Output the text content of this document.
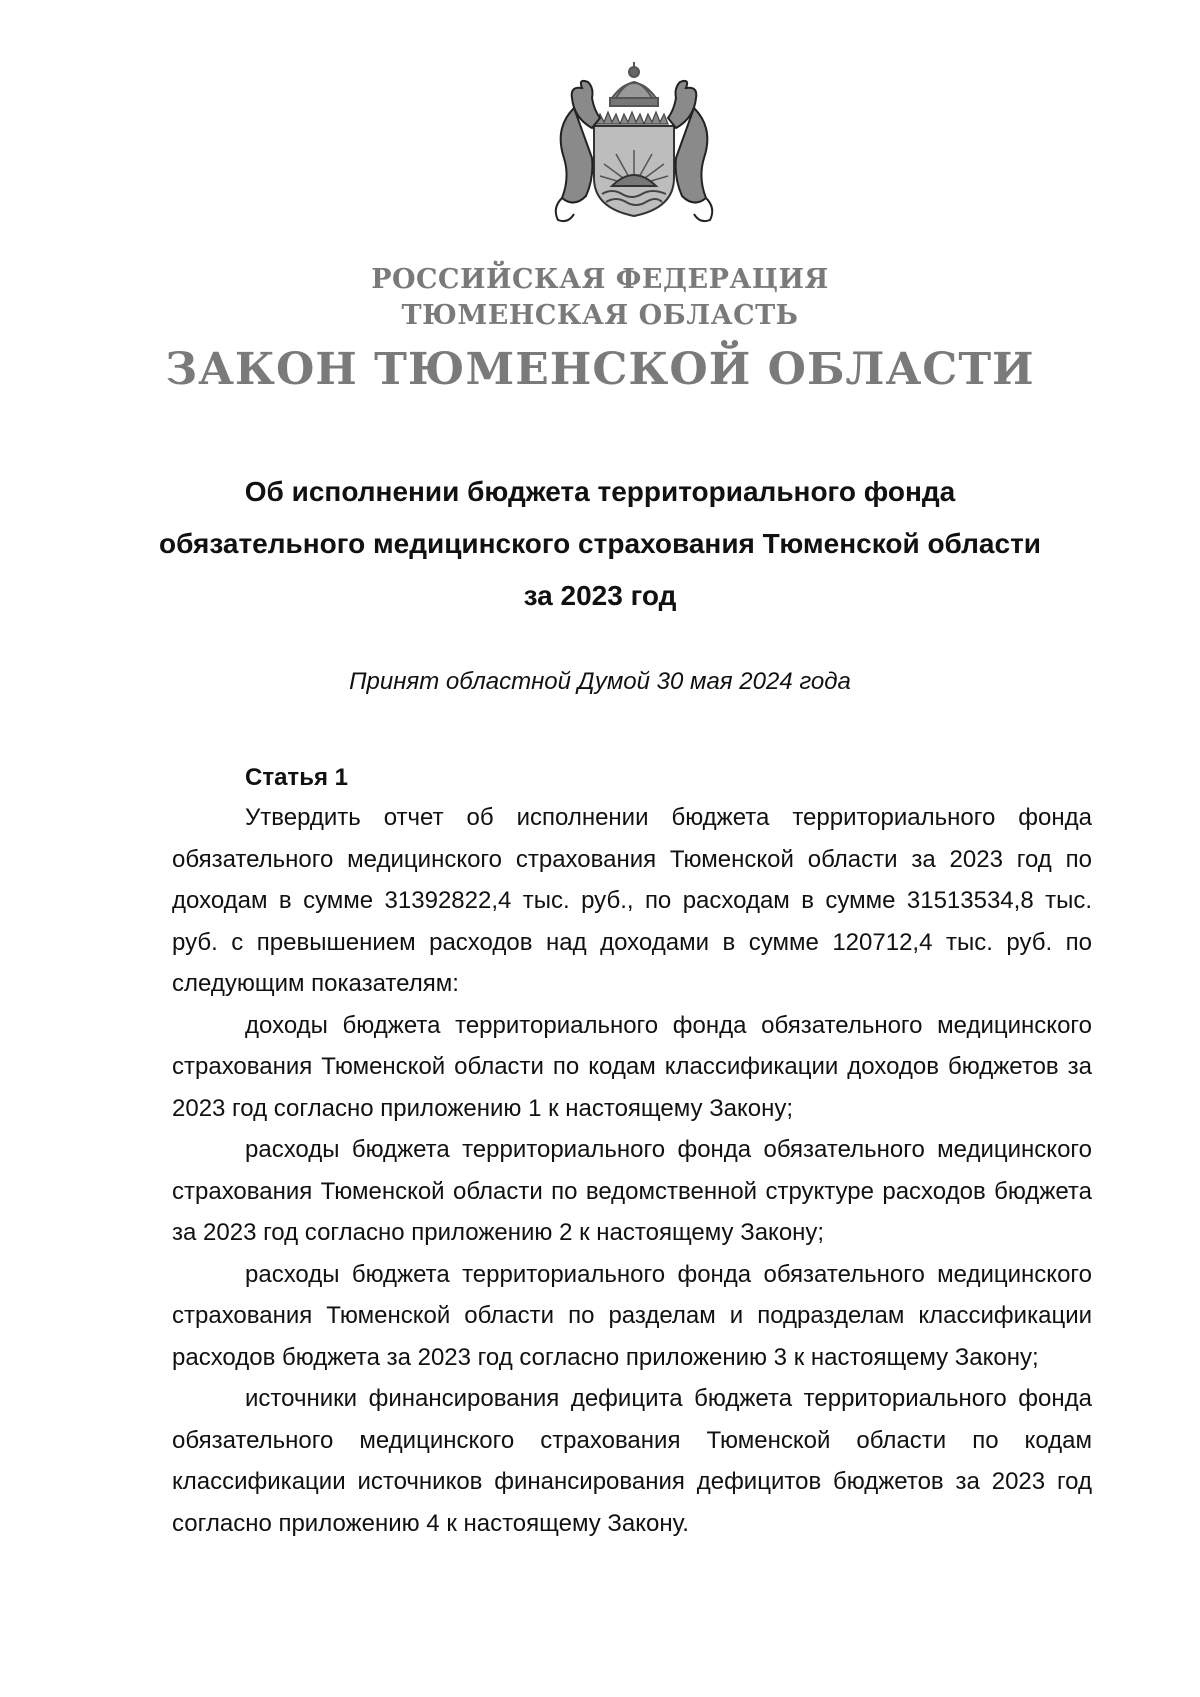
РОССИЙСКАЯ ФЕДЕРАЦИЯ
ТЮМЕНСКАЯ ОБЛАСТЬ
ЗАКОН ТЮМЕНСКОЙ ОБЛАСТИ
Об исполнении бюджета территориального фонда
обязательного медицинского страхования Тюменской области
за 2023 год
Принят областной Думой 30 мая 2024 года
Статья 1

Утвердить отчет об исполнении бюджета территориального фонда обязательного медицинского страхования Тюменской области за 2023 год по доходам в сумме 31392822,4 тыс. руб., по расходам в сумме 31513534,8 тыс. руб. с превышением расходов над доходами в сумме 120712,4 тыс. руб. по следующим показателям:

доходы бюджета территориального фонда обязательного медицинского страхования Тюменской области по кодам классификации доходов бюджетов за 2023 год согласно приложению 1 к настоящему Закону;

расходы бюджета территориального фонда обязательного медицинского страхования Тюменской области по ведомственной структуре расходов бюджета за 2023 год согласно приложению 2 к настоящему Закону;

расходы бюджета территориального фонда обязательного медицинского страхования Тюменской области по разделам и подразделам классификации расходов бюджета за 2023 год согласно приложению 3 к настоящему Закону;

источники финансирования дефицита бюджета территориального фонда обязательного медицинского страхования Тюменской области по кодам классификации источников финансирования дефицитов бюджетов за 2023 год согласно приложению 4 к настоящему Закону.
